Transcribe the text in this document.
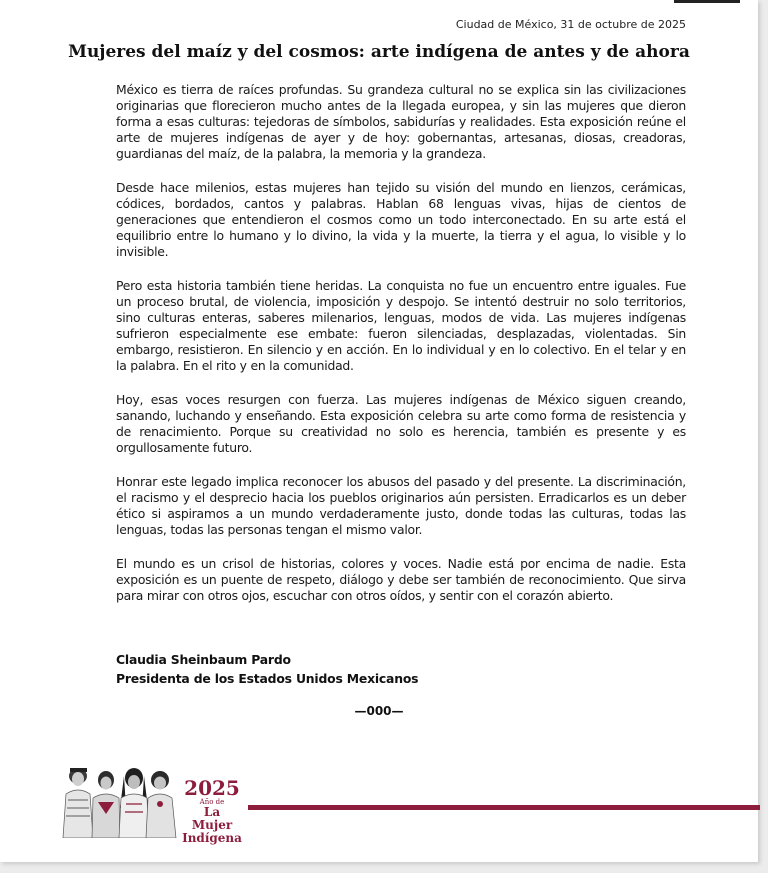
Ciudad de México, 31 de octubre de 2025
Mujeres del maíz y del cosmos: arte indígena de antes y de ahora

México es tierra de raíces profundas. Su grandeza cultural no se explica sin las civilizaciones originarias que florecieron mucho antes de la llegada europea, y sin las mujeres que dieron forma a esas culturas: tejedoras de símbolos, sabidurías y realidades. Esta exposición reúne el arte de mujeres indígenas de ayer y de hoy: gobernantas, artesanas, diosas, creadoras, guardianas del maíz, de la palabra, la memoria y la grandeza.

Desde hace milenios, estas mujeres han tejido su visión del mundo en lienzos, cerámicas, códices, bordados, cantos y palabras. Hablan 68 lenguas vivas, hijas de cientos de generaciones que entendieron el cosmos como un todo interconectado. En su arte está el equilibrio entre lo humano y lo divino, la vida y la muerte, la tierra y el agua, lo visible y lo invisible.

Pero esta historia también tiene heridas. La conquista no fue un encuentro entre iguales. Fue un proceso brutal, de violencia, imposición y despojo. Se intentó destruir no solo territorios, sino culturas enteras, saberes milenarios, lenguas, modos de vida. Las mujeres indígenas sufrieron especialmente ese embate: fueron silenciadas, desplazadas, violentadas. Sin embargo, resistieron. En silencio y en acción. En lo individual y en lo colectivo. En el telar y en la palabra. En el rito y en la comunidad.

Hoy, esas voces resurgen con fuerza. Las mujeres indígenas de México siguen creando, sanando, luchando y enseñando. Esta exposición celebra su arte como forma de resistencia y de renacimiento. Porque su creatividad no solo es herencia, también es presente y es orgullosamente futuro.

Honrar este legado implica reconocer los abusos del pasado y del presente. La discriminación, el racismo y el desprecio hacia los pueblos originarios aún persisten. Erradicarlos es un deber ético si aspiramos a un mundo verdaderamente justo, donde todas las culturas, todas las lenguas, todas las personas tengan el mismo valor.

El mundo es un crisol de historias, colores y voces. Nadie está por encima de nadie. Esta exposición es un puente de respeto, diálogo y debe ser también de reconocimiento. Que sirva para mirar con otros ojos, escuchar con otros oídos, y sentir con el corazón abierto.

Claudia Sheinbaum Pardo
Presidenta de los Estados Unidos Mexicanos
—000—
2025
Año de
La Mujer
Indígena
